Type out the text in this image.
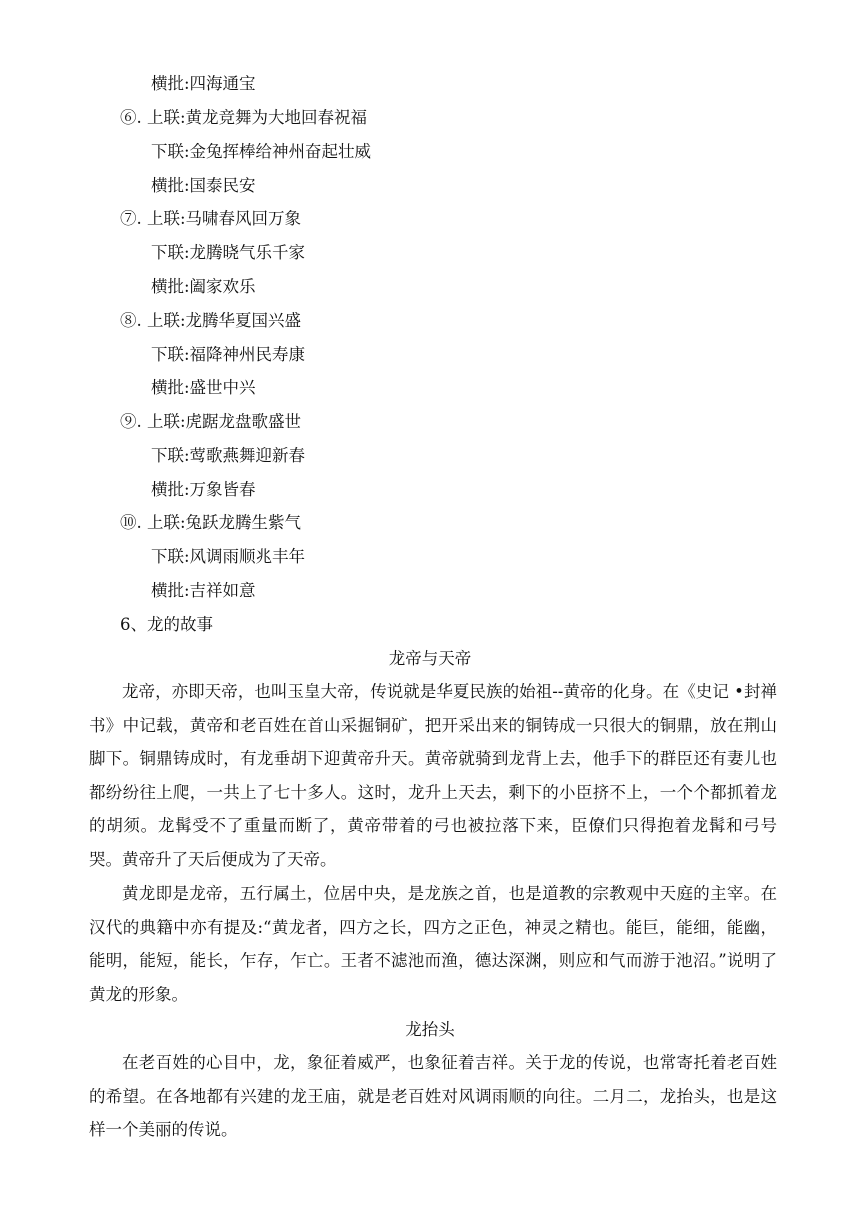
横批:四海通宝
⑥. 上联:黄龙竞舞为大地回春祝福
下联:金兔挥棒给神州奋起壮威
横批:国泰民安
⑦. 上联:马啸春风回万象
下联:龙腾晓气乐千家
横批:阖家欢乐
⑧. 上联:龙腾华夏国兴盛
下联:福降神州民寿康
横批:盛世中兴
⑨. 上联:虎踞龙盘歌盛世
下联:莺歌燕舞迎新春
横批:万象皆春
⑩. 上联:兔跃龙腾生紫气
下联:风调雨顺兆丰年
横批:吉祥如意
6、龙的故事
龙帝与天帝

龙帝，亦即天帝，也叫玉皇大帝，传说就是华夏民族的始祖--黄帝的化身。在《史记 •封禅书》中记载，黄帝和老百姓在首山采掘铜矿，把开采出来的铜铸成一只很大的铜鼎，放在荆山脚下。铜鼎铸成时，有龙垂胡下迎黄帝升天。黄帝就骑到龙背上去，他手下的群臣还有妻儿也都纷纷往上爬，一共上了七十多人。这时，龙升上天去，剩下的小臣挤不上，一个个都抓着龙的胡须。龙髯受不了重量而断了，黄帝带着的弓也被拉落下来，臣僚们只得抱着龙髯和弓号哭。黄帝升了天后便成为了天帝。

黄龙即是龙帝，五行属土，位居中央，是龙族之首，也是道教的宗教观中天庭的主宰。在汉代的典籍中亦有提及:“黄龙者，四方之长，四方之正色，神灵之精也。能巨，能细，能幽，能明，能短，能长，乍存，乍亡。王者不滤池而渔，德达深渊，则应和气而游于池沼。”说明了黄龙的形象。

龙抬头

在老百姓的心目中，龙，象征着威严，也象征着吉祥。关于龙的传说，也常寄托着老百姓的希望。在各地都有兴建的龙王庙，就是老百姓对风调雨顺的向往。二月二，龙抬头，也是这样一个美丽的传说。
